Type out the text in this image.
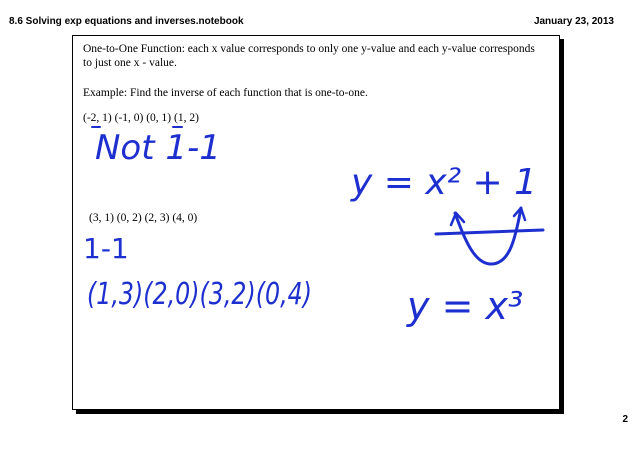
8.6 Solving exp equations and inverses.notebook	January 23, 2013
One-to-One Function: each x value corresponds to only one y-value and each y-value corresponds
to just one x - value.
Example: Find the inverse of each function that is one-to-one.
(-2, 1) (-1, 0) (0, 1) (1, 2)
(3, 1) (0, 2) (2, 3) (4, 0)
Not 1-1
1-1
(1,3)(2,0)(3,2)(0,4)
y = x² + 1
y = x³
2
